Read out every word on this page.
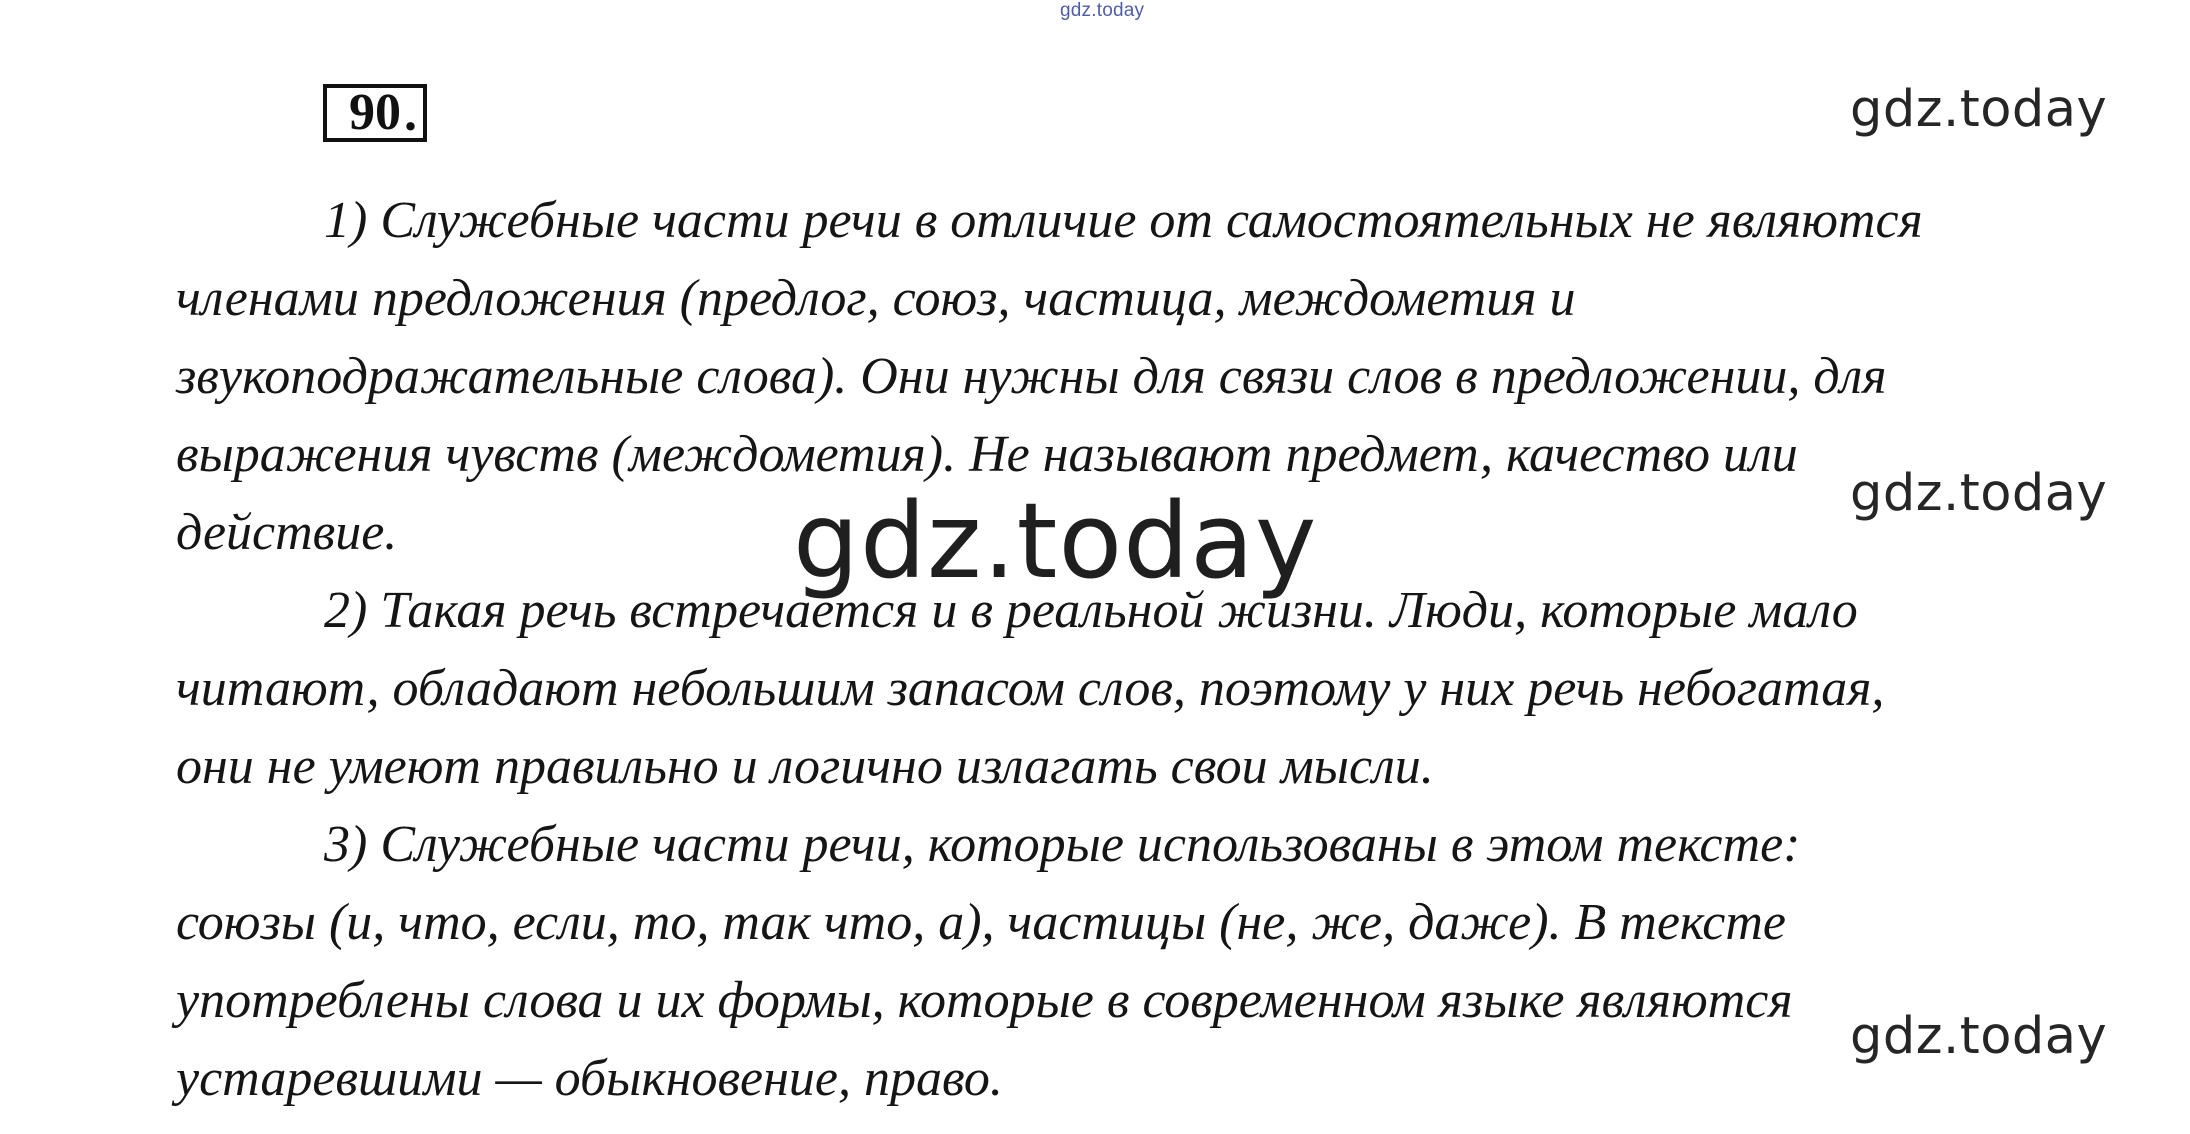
gdz.today
90 .	gdz.today
gdz.today
gdz.today
1) Служебные части речи в отличие от самостоятельных не являются
членами предложения (предлог, союз, частица, междометия и
звукоподражательные слова). Они нужны для связи слов в предложении, для
выражения чувств (междометия). Не называют предмет, качество или
действие.
2) Такая речь встречается и в реальной жизни. Люди, которые мало
читают, обладают небольшим запасом слов, поэтому у них речь небогатая,
они не умеют правильно и логично излагать свои мысли.
3) Служебные части речи, которые использованы в этом тексте:
союзы (и, что, если, то, так что, а), частицы (не, же, даже). В тексте
употреблены слова и их формы, которые в современном языке являются
устаревшими — обыкновение, право.
gdz.today
